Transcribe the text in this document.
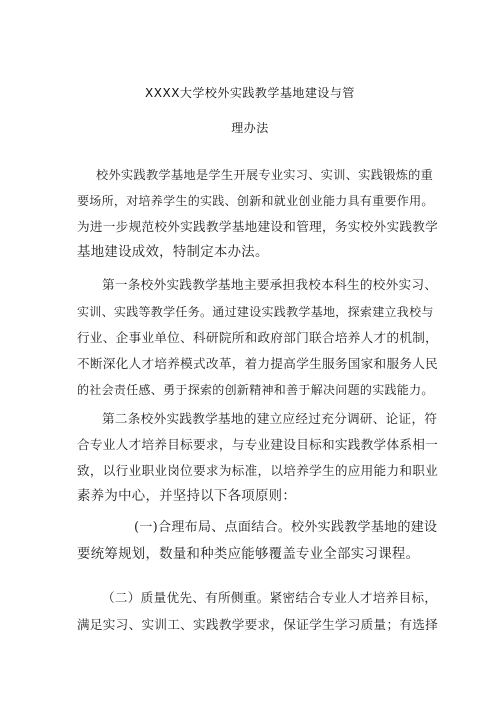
XXXX大学校外实践教学基地建设与管
理办法
校外实践教学基地是学生开展专业实习、实训、实践锻炼的重
要场所，对培养学生的实践、创新和就业创业能力具有重要作用。
为进一步规范校外实践教学基地建设和管理，务实校外实践教学
基地建设成效，特制定本办法。
第一条校外实践教学基地主要承担我校本科生的校外实习、
实训、实践等教学任务。通过建设实践教学基地，探索建立我校与
行业、企事业单位、科研院所和政府部门联合培养人才的机制，
不断深化人才培养模式改革，着力提高学生服务国家和服务人民
的社会责任感、勇于探索的创新精神和善于解决问题的实践能力。
第二条校外实践教学基地的建立应经过充分调研、论证，符
合专业人才培养目标要求，与专业建设目标和实践教学体系相一
致，以行业职业岗位要求为标准，以培养学生的应用能力和职业
素养为中心，并坚持以下各项原则：
(一)合理布局、点面结合。校外实践教学基地的建设
要统筹规划，数量和种类应能够覆盖专业全部实习课程。
（二）质量优先、有所侧重。紧密结合专业人才培养目标，
满足实习、实训工、实践教学要求，保证学生学习质量；有选择
